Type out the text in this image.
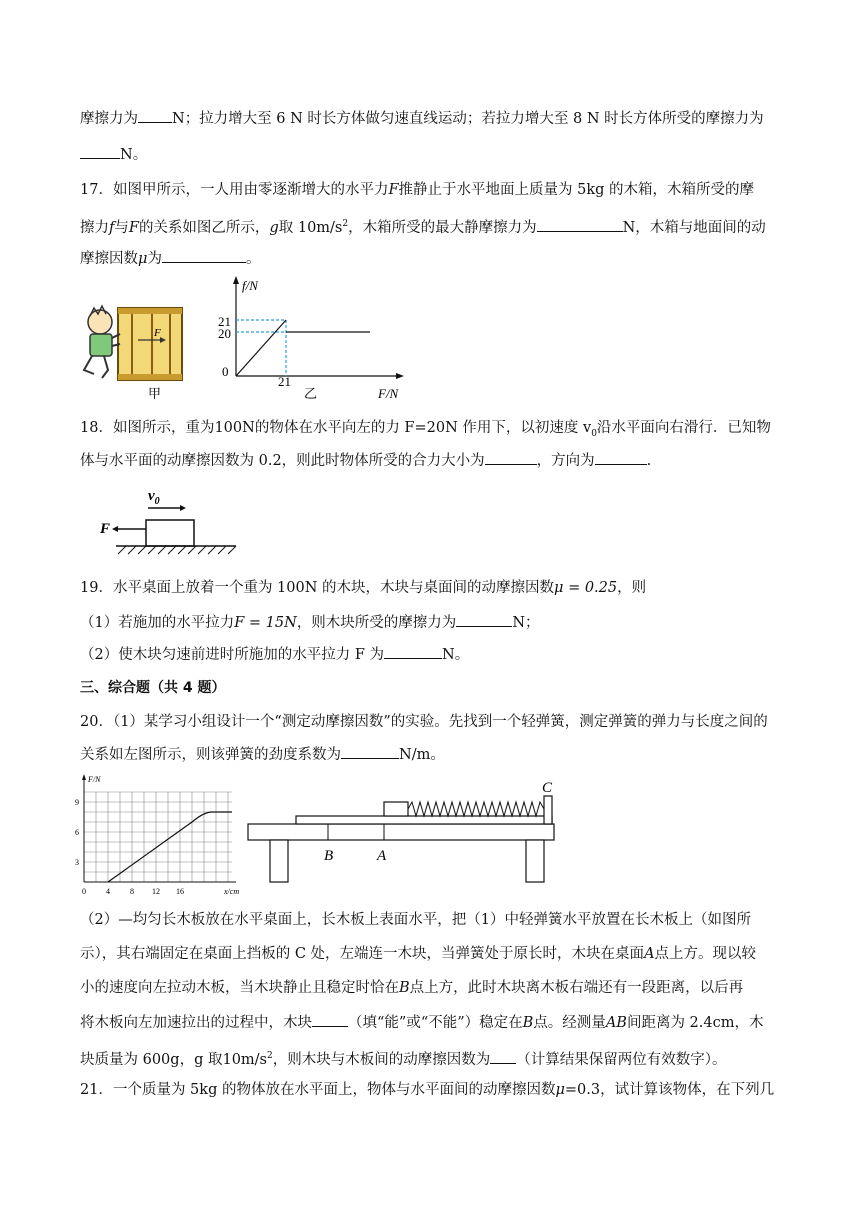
摩擦力为 N；拉力增大至 6 N 时长方体做匀速直线运动；若拉力增大至 8 N 时长方体所受的摩擦力为
N。
17．如图甲所示，一人用由零逐渐增大的水平力F推静止于水平地面上质量为 5kg 的木箱，木箱所受的摩
擦力f与F的关系如图乙所示，g取 $10m/s^2$，木箱所受的最大静摩擦力为	N，木箱与地面间的动
摩擦因数μ为	。
F
甲
f/N
F/N
21
20
0
21
乙
18．如图所示，重为100N的物体在水平向左的力 F=20N 作用下，以初速度 $v_0$沿水平面向右滑行．已知物
体与水平面的动摩擦因数为 0.2，则此时物体所受的合力大小为	，方向为	.
$v_0$
F
19．水平桌面上放着一个重为 100N 的木块，木块与桌面间的动摩擦因数μ = 0.25，则
（1）若施加的水平拉力F = 15N，则木块所受的摩擦力为	N；
（2）使木块匀速前进时所施加的水平拉力 F 为	N。
三、综合题（共 4 题）
20．（1）某学习小组设计一个“测定动摩擦因数”的实验。先找到一个轻弹簧，测定弹簧的弹力与长度之间的
关系如左图所示，则该弹簧的劲度系数为	N/m。
F/N
x/cm
9
6
3
0	4	8 12 16
C
B	A
（2）—均匀长木板放在水平桌面上，长木板上表面水平，把（1）中轻弹簧水平放置在长木板上（如图所
示），其右端固定在桌面上挡板的 C 处，左端连一木块，当弹簧处于原长时，木块在桌面A点上方。现以较
小的速度向左拉动木板，当木块静止且稳定时恰在B点上方，此时木块离木板右端还有一段距离，以后再
将木板向左加速拉出的过程中，木块 （填“能”或“不能”）稳定在B点。经测量AB间距离为 2.4cm，木
块质量为 600g，g 取$10m/s^2$，则木块与木板间的动摩擦因数为 （计算结果保留两位有效数字）。
21．一个质量为 5kg 的物体放在水平面上，物体与水平面间的动摩擦因数μ=0.3，试计算该物体，在下列几
